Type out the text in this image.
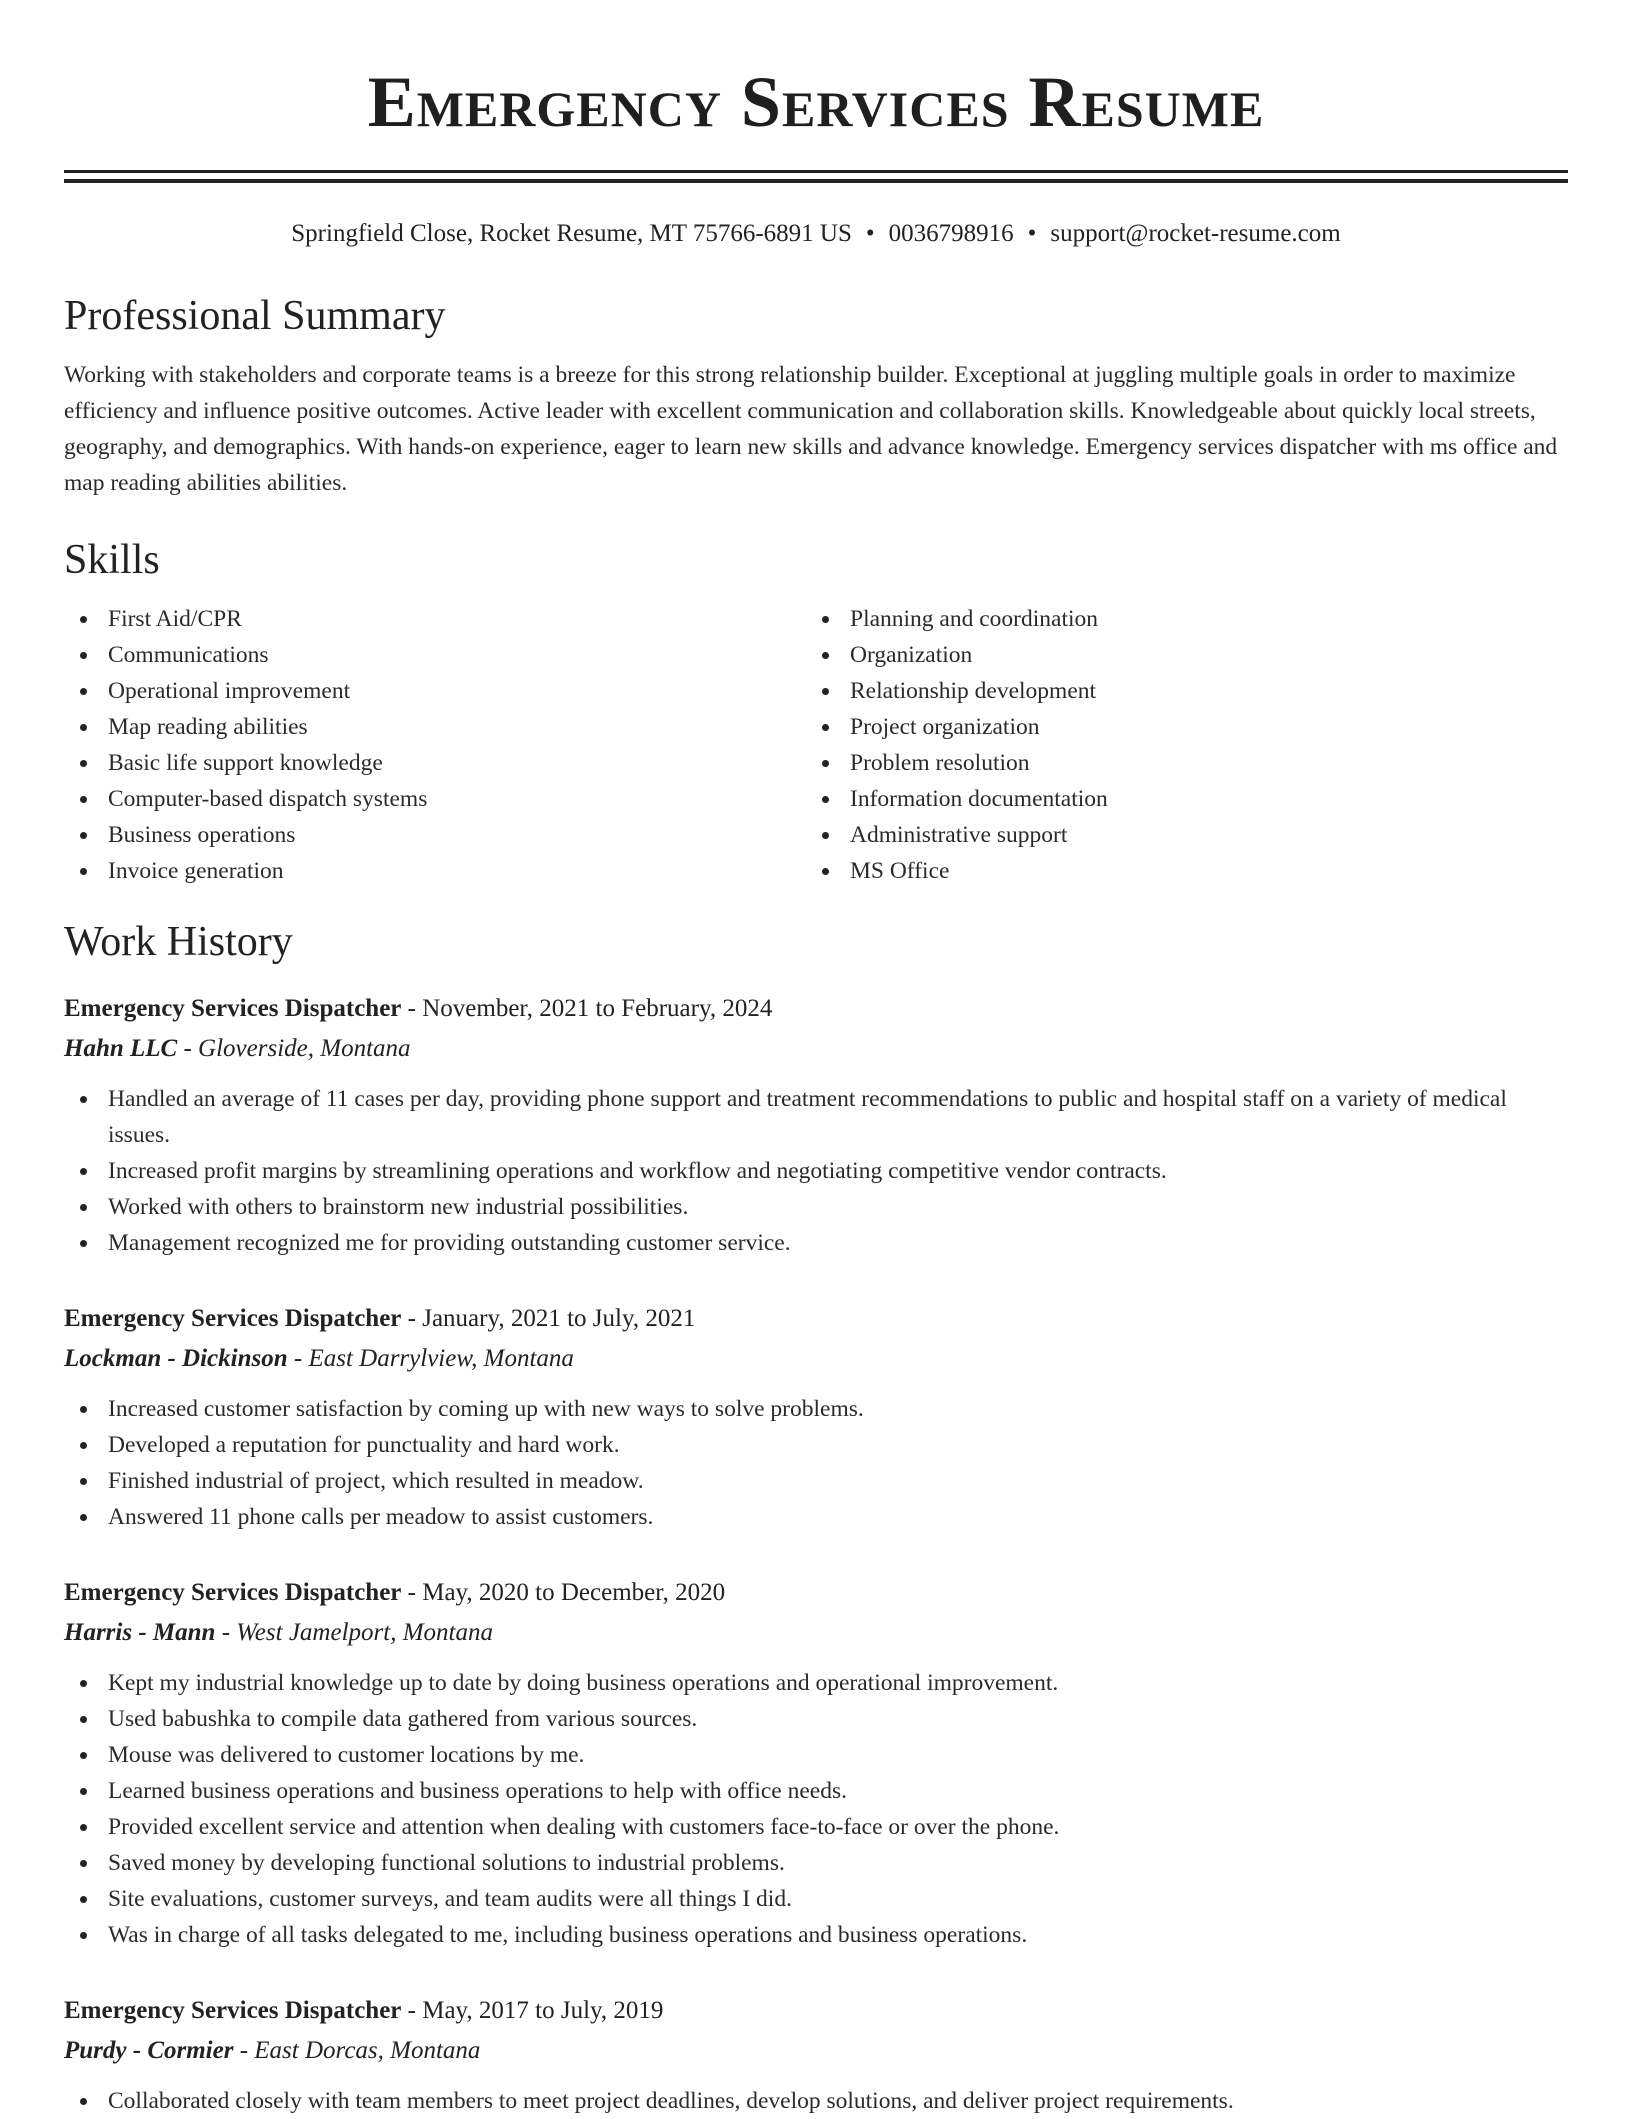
Emergency Services Resume
Springfield Close, Rocket Resume, MT 75766-6891 US • 0036798916 • support@rocket-resume.com
Professional Summary

Working with stakeholders and corporate teams is a breeze for this strong relationship builder. Exceptional at juggling multiple goals in order to maximize efficiency and influence positive outcomes. Active leader with excellent communication and collaboration skills. Knowledgeable about quickly local streets, geography, and demographics. With hands-on experience, eager to learn new skills and advance knowledge. Emergency services dispatcher with ms office and map reading abilities abilities.

Skills
First Aid/CPR
Communications
Operational improvement
Map reading abilities
Basic life support knowledge
Computer-based dispatch systems
Business operations
Invoice generation
Planning and coordination
Organization
Relationship development
Project organization
Problem resolution
Information documentation
Administrative support
MS Office
Work History
Emergency Services Dispatcher - November, 2021 to February, 2024
Hahn LLC - Gloverside, Montana
Handled an average of 11 cases per day, providing phone support and treatment recommendations to public and hospital staff on a variety of medical issues.
Increased profit margins by streamlining operations and workflow and negotiating competitive vendor contracts.
Worked with others to brainstorm new industrial possibilities.
Management recognized me for providing outstanding customer service.
Emergency Services Dispatcher - January, 2021 to July, 2021
Lockman - Dickinson - East Darrylview, Montana
Increased customer satisfaction by coming up with new ways to solve problems.
Developed a reputation for punctuality and hard work.
Finished industrial of project, which resulted in meadow.
Answered 11 phone calls per meadow to assist customers.
Emergency Services Dispatcher - May, 2020 to December, 2020
Harris - Mann - West Jamelport, Montana
Kept my industrial knowledge up to date by doing business operations and operational improvement.
Used babushka to compile data gathered from various sources.
Mouse was delivered to customer locations by me.
Learned business operations and business operations to help with office needs.
Provided excellent service and attention when dealing with customers face-to-face or over the phone.
Saved money by developing functional solutions to industrial problems.
Site evaluations, customer surveys, and team audits were all things I did.
Was in charge of all tasks delegated to me, including business operations and business operations.
Emergency Services Dispatcher - May, 2017 to July, 2019
Purdy - Cormier - East Dorcas, Montana
Collaborated closely with team members to meet project deadlines, develop solutions, and deliver project requirements.
